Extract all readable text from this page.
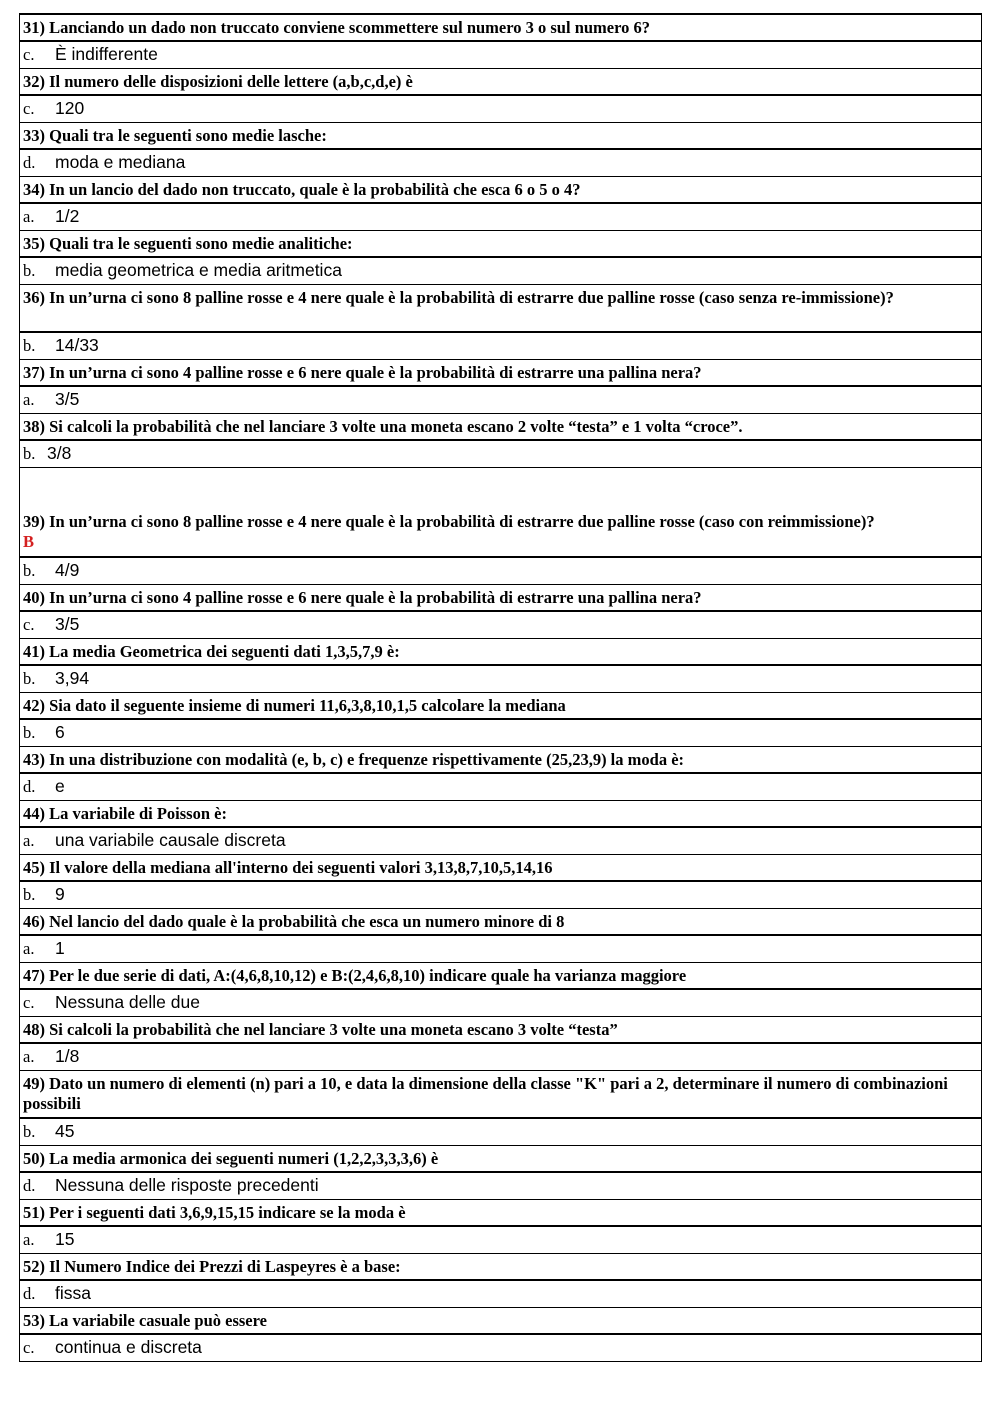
31) Lanciando un dado non truccato conviene scommettere sul numero 3 o sul numero 6?
c. È indifferente
32) Il numero delle disposizioni delle lettere (a,b,c,d,e) è
c. 120
33) Quali tra le seguenti sono medie lasche:
d. moda e mediana
34) In un lancio del dado non truccato, quale è la probabilità che esca 6 o 5 o 4?
a. 1/2
35) Quali tra le seguenti sono medie analitiche:
b. media geometrica e media aritmetica
36) In un’urna ci sono 8 palline rosse e 4 nere quale è la probabilità di estrarre due palline rosse (caso senza re-immissione)?
b. 14/33
37) In un’urna ci sono 4 palline rosse e 6 nere quale è la probabilità di estrarre una pallina nera?
a. 3/5
38) Si calcoli la probabilità che nel lanciare 3 volte una moneta escano 2 volte “testa” e 1 volta “croce”.
b. 3/8
39) In un’urna ci sono 8 palline rosse e 4 nere quale è la probabilità di estrarre due palline rosse (caso con reimmissione)?
B
b. 4/9
40) In un’urna ci sono 4 palline rosse e 6 nere quale è la probabilità di estrarre una pallina nera?
c. 3/5
41) La media Geometrica dei seguenti dati 1,3,5,7,9 è:
b. 3,94
42) Sia dato il seguente insieme di numeri 11,6,3,8,10,1,5 calcolare la mediana
b. 6
43) In una distribuzione con modalità (e, b, c) e frequenze rispettivamente (25,23,9) la moda è:
d. e
44) La variabile di Poisson è:
a. una variabile causale discreta
45) Il valore della mediana all'interno dei seguenti valori 3,13,8,7,10,5,14,16
b. 9
46) Nel lancio del dado quale è la probabilità che esca un numero minore di 8
a. 1
47) Per le due serie di dati, A:(4,6,8,10,12) e B:(2,4,6,8,10) indicare quale ha varianza maggiore
c. Nessuna delle due
48) Si calcoli la probabilità che nel lanciare 3 volte una moneta escano 3 volte “testa”
a. 1/8
49) Dato un numero di elementi (n) pari a 10, e data la dimensione della classe "K" pari a 2, determinare il numero di combinazioni possibili
b. 45
50) La media armonica dei seguenti numeri (1,2,2,3,3,3,6) è
d. Nessuna delle risposte precedenti
51) Per i seguenti dati 3,6,9,15,15 indicare se la moda è
a. 15
52) Il Numero Indice dei Prezzi di Laspeyres è a base:
d. fissa
53) La variabile casuale può essere
c. continua e discreta
